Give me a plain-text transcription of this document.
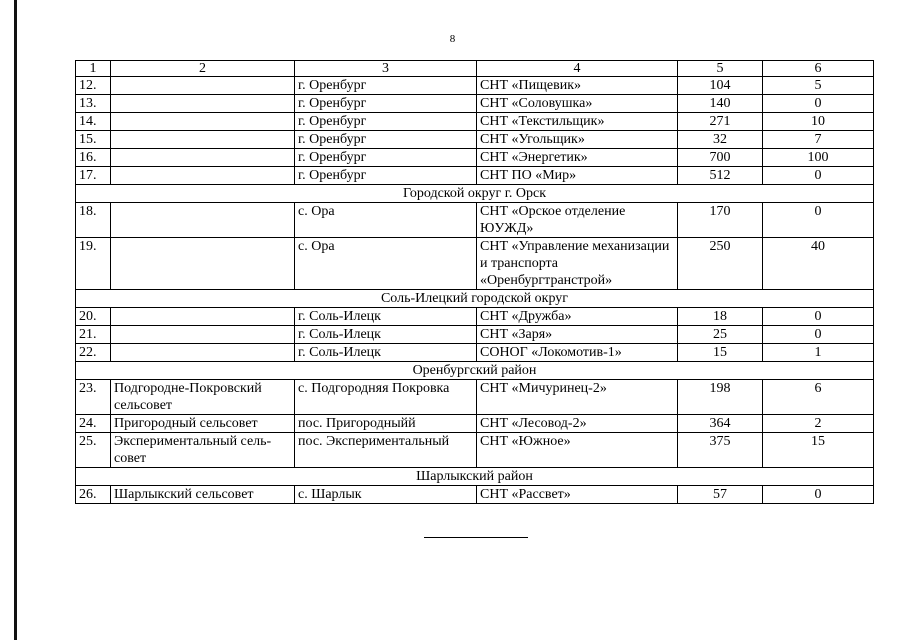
8
1	2	3	4	5	6
12.		г. Оренбург	СНТ «Пищевик»	104	5
13.		г. Оренбург	СНТ «Соловушка»	140	0
14.		г. Оренбург	СНТ «Текстильщик»	271	10
15.		г. Оренбург	СНТ «Угольщик»	32	7
16.		г. Оренбург	СНТ «Энергетик»	700	100
17.		г. Оренбург	СНТ ПО «Мир»	512	0
Городской округ г. Орск					
18.		с. Ора	СНТ «Орское отделение ЮУЖД»	170	0
19.		с. Ора	СНТ «Управление механизации и транспорта «Оренбургтранстрой»	250	40
Соль-Илецкий городской округ					
20.		г. Соль-Илецк	СНТ «Дружба»	18	0
21.		г. Соль-Илецк	СНТ «Заря»	25	0
22.		г. Соль-Илецк	СОНОГ «Локомотив-1»	15	1
Оренбургский район					
23.	Подгородне-Покровский сельсовет	с. Подгородняя Покровка	СНТ «Мичуринец-2»	198	6
24.	Пригородный сельсовет	пос. Пригородныйй	СНТ «Лесовод-2»	364	2
25.	Экспериментальный сель-совет	пос. Экспериментальный	СНТ «Южное»	375	15
Шарлыкский район					
26.	Шарлыкский сельсовет	с. Шарлык	СНТ «Рассвет»	57	0
